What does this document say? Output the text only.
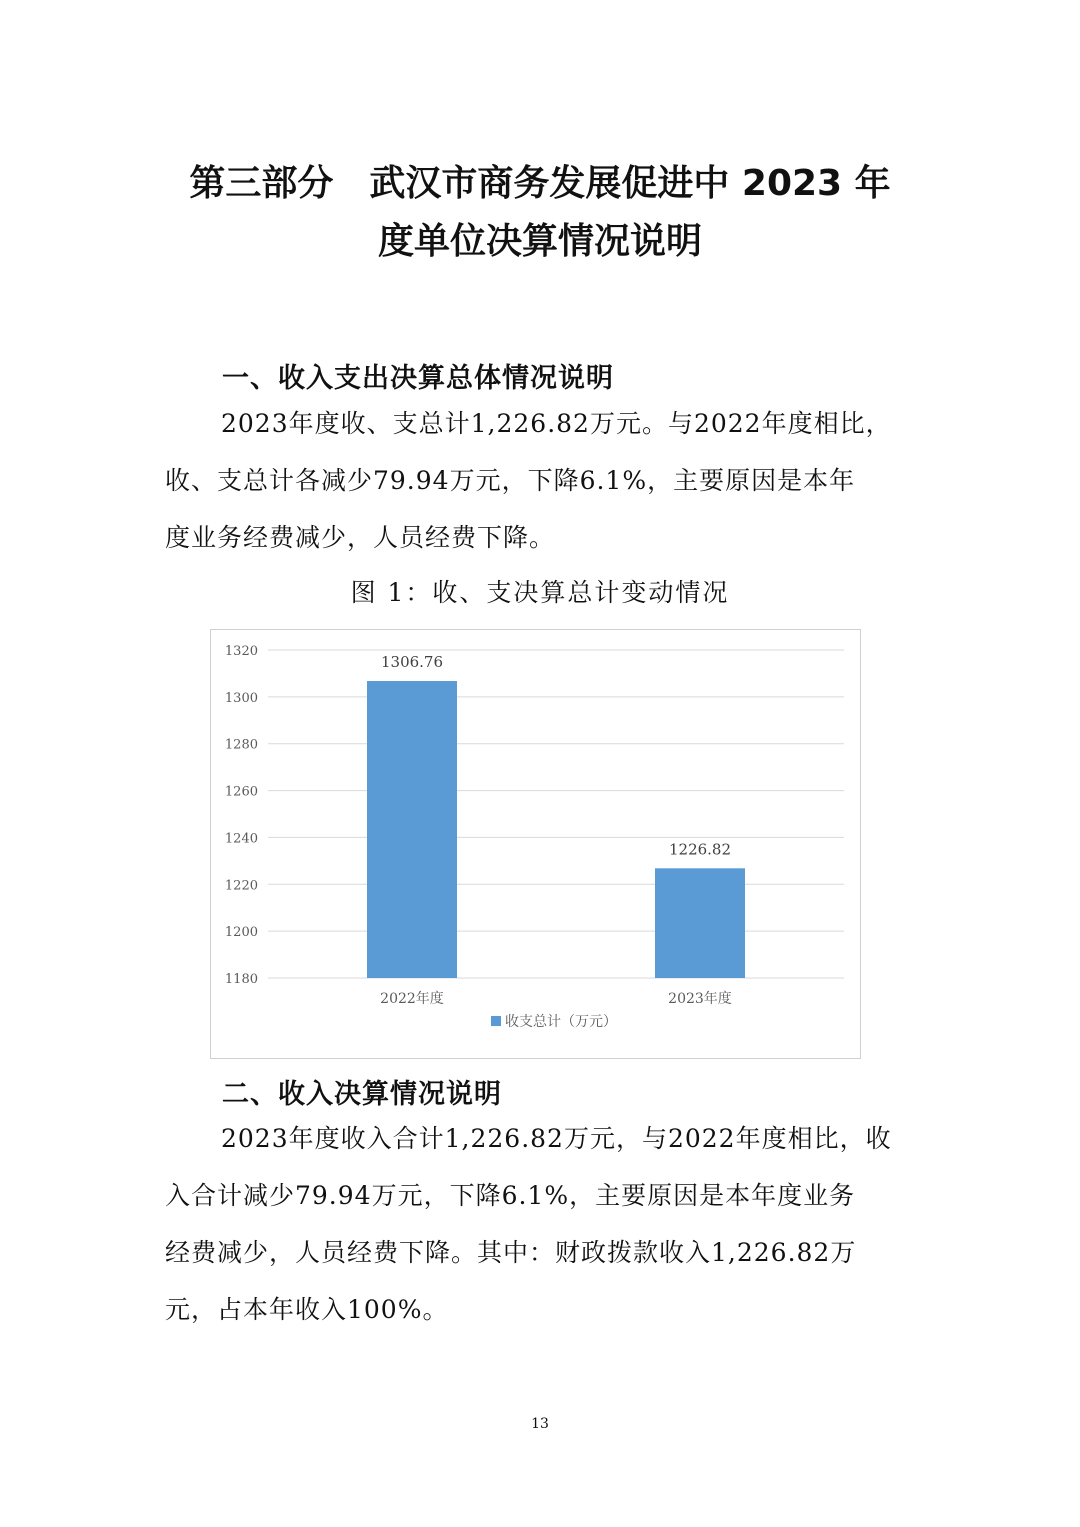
第三部分　武汉市商务发展促进中 2023 年
度单位决算情况说明
一、收入支出决算总体情况说明
2023年度收、支总计1,226.82万元。与2022年度相比，
收、支总计各减少79.94万元，下降6.1%，主要原因是本年
度业务经费减少，人员经费下降。
图 1：收、支决算总计变动情况
1180
1200
1220
1240
1260
1280
1300
1320
1306.76
2022年度
1226.82
2023年度
收支总计（万元）
二、收入决算情况说明
2023年度收入合计1,226.82万元，与2022年度相比，收
入合计减少79.94万元，下降6.1%，主要原因是本年度业务
经费减少，人员经费下降。其中：财政拨款收入1,226.82万
元，占本年收入100%。
13
